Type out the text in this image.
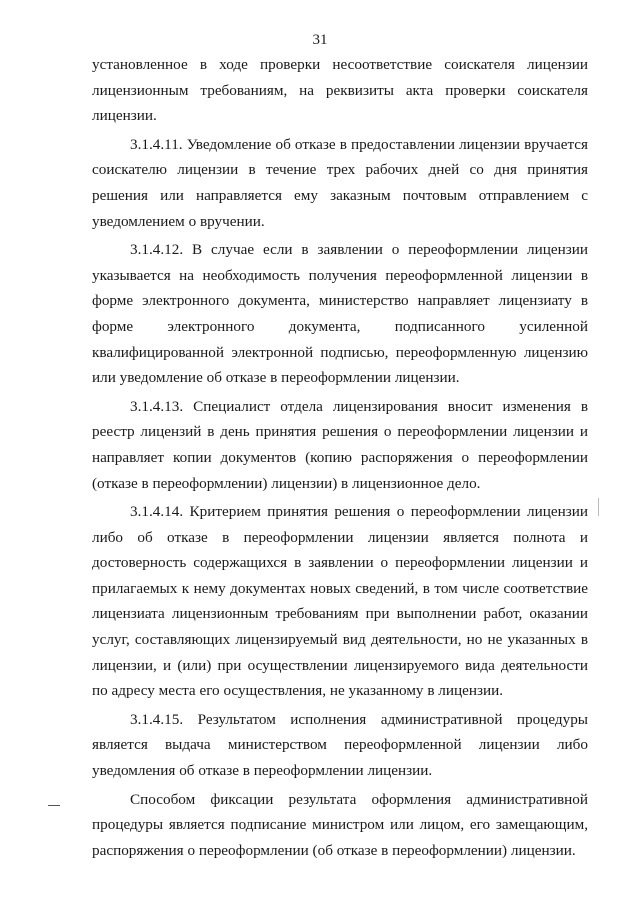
31

установленное в ходе проверки несоответствие соискателя лицензии лицензионным требованиям, на реквизиты акта проверки соискателя лицензии.

3.1.4.11. Уведомление об отказе в предоставлении лицензии вручается соискателю лицензии в течение трех рабочих дней со дня принятия решения или направляется ему заказным почтовым отправлением с уведомлением о вручении.

3.1.4.12. В случае если в заявлении о переоформлении лицензии указывается на необходимость получения переоформленной лицензии в форме электронного документа, министерство направляет лицензиату в форме электронного документа, подписанного усиленной квалифицированной электронной подписью, переоформленную лицензию или уведомление об отказе в переоформлении лицензии.

3.1.4.13. Специалист отдела лицензирования вносит изменения в реестр лицензий в день принятия решения о переоформлении лицензии и направляет копии документов (копию распоряжения о переоформлении (отказе в переоформлении) лицензии) в лицензионное дело.

3.1.4.14. Критерием принятия решения о переоформлении лицензии либо об отказе в переоформлении лицензии является полнота и достоверность содержащихся в заявлении о переоформлении лицензии и прилагаемых к нему документах новых сведений, в том числе соответствие лицензиата лицензионным требованиям при выполнении работ, оказании услуг, составляющих лицензируемый вид деятельности, но не указанных в лицензии, и (или) при осуществлении лицензируемого вида деятельности по адресу места его осуществления, не указанному в лицензии.

3.1.4.15. Результатом исполнения административной процедуры является выдача министерством переоформленной лицензии либо уведомления об отказе в переоформлении лицензии.

Способом фиксации результата оформления административной процедуры является подписание министром или лицом, его замещающим, распоряжения о переоформлении (об отказе в переоформлении) лицензии.
